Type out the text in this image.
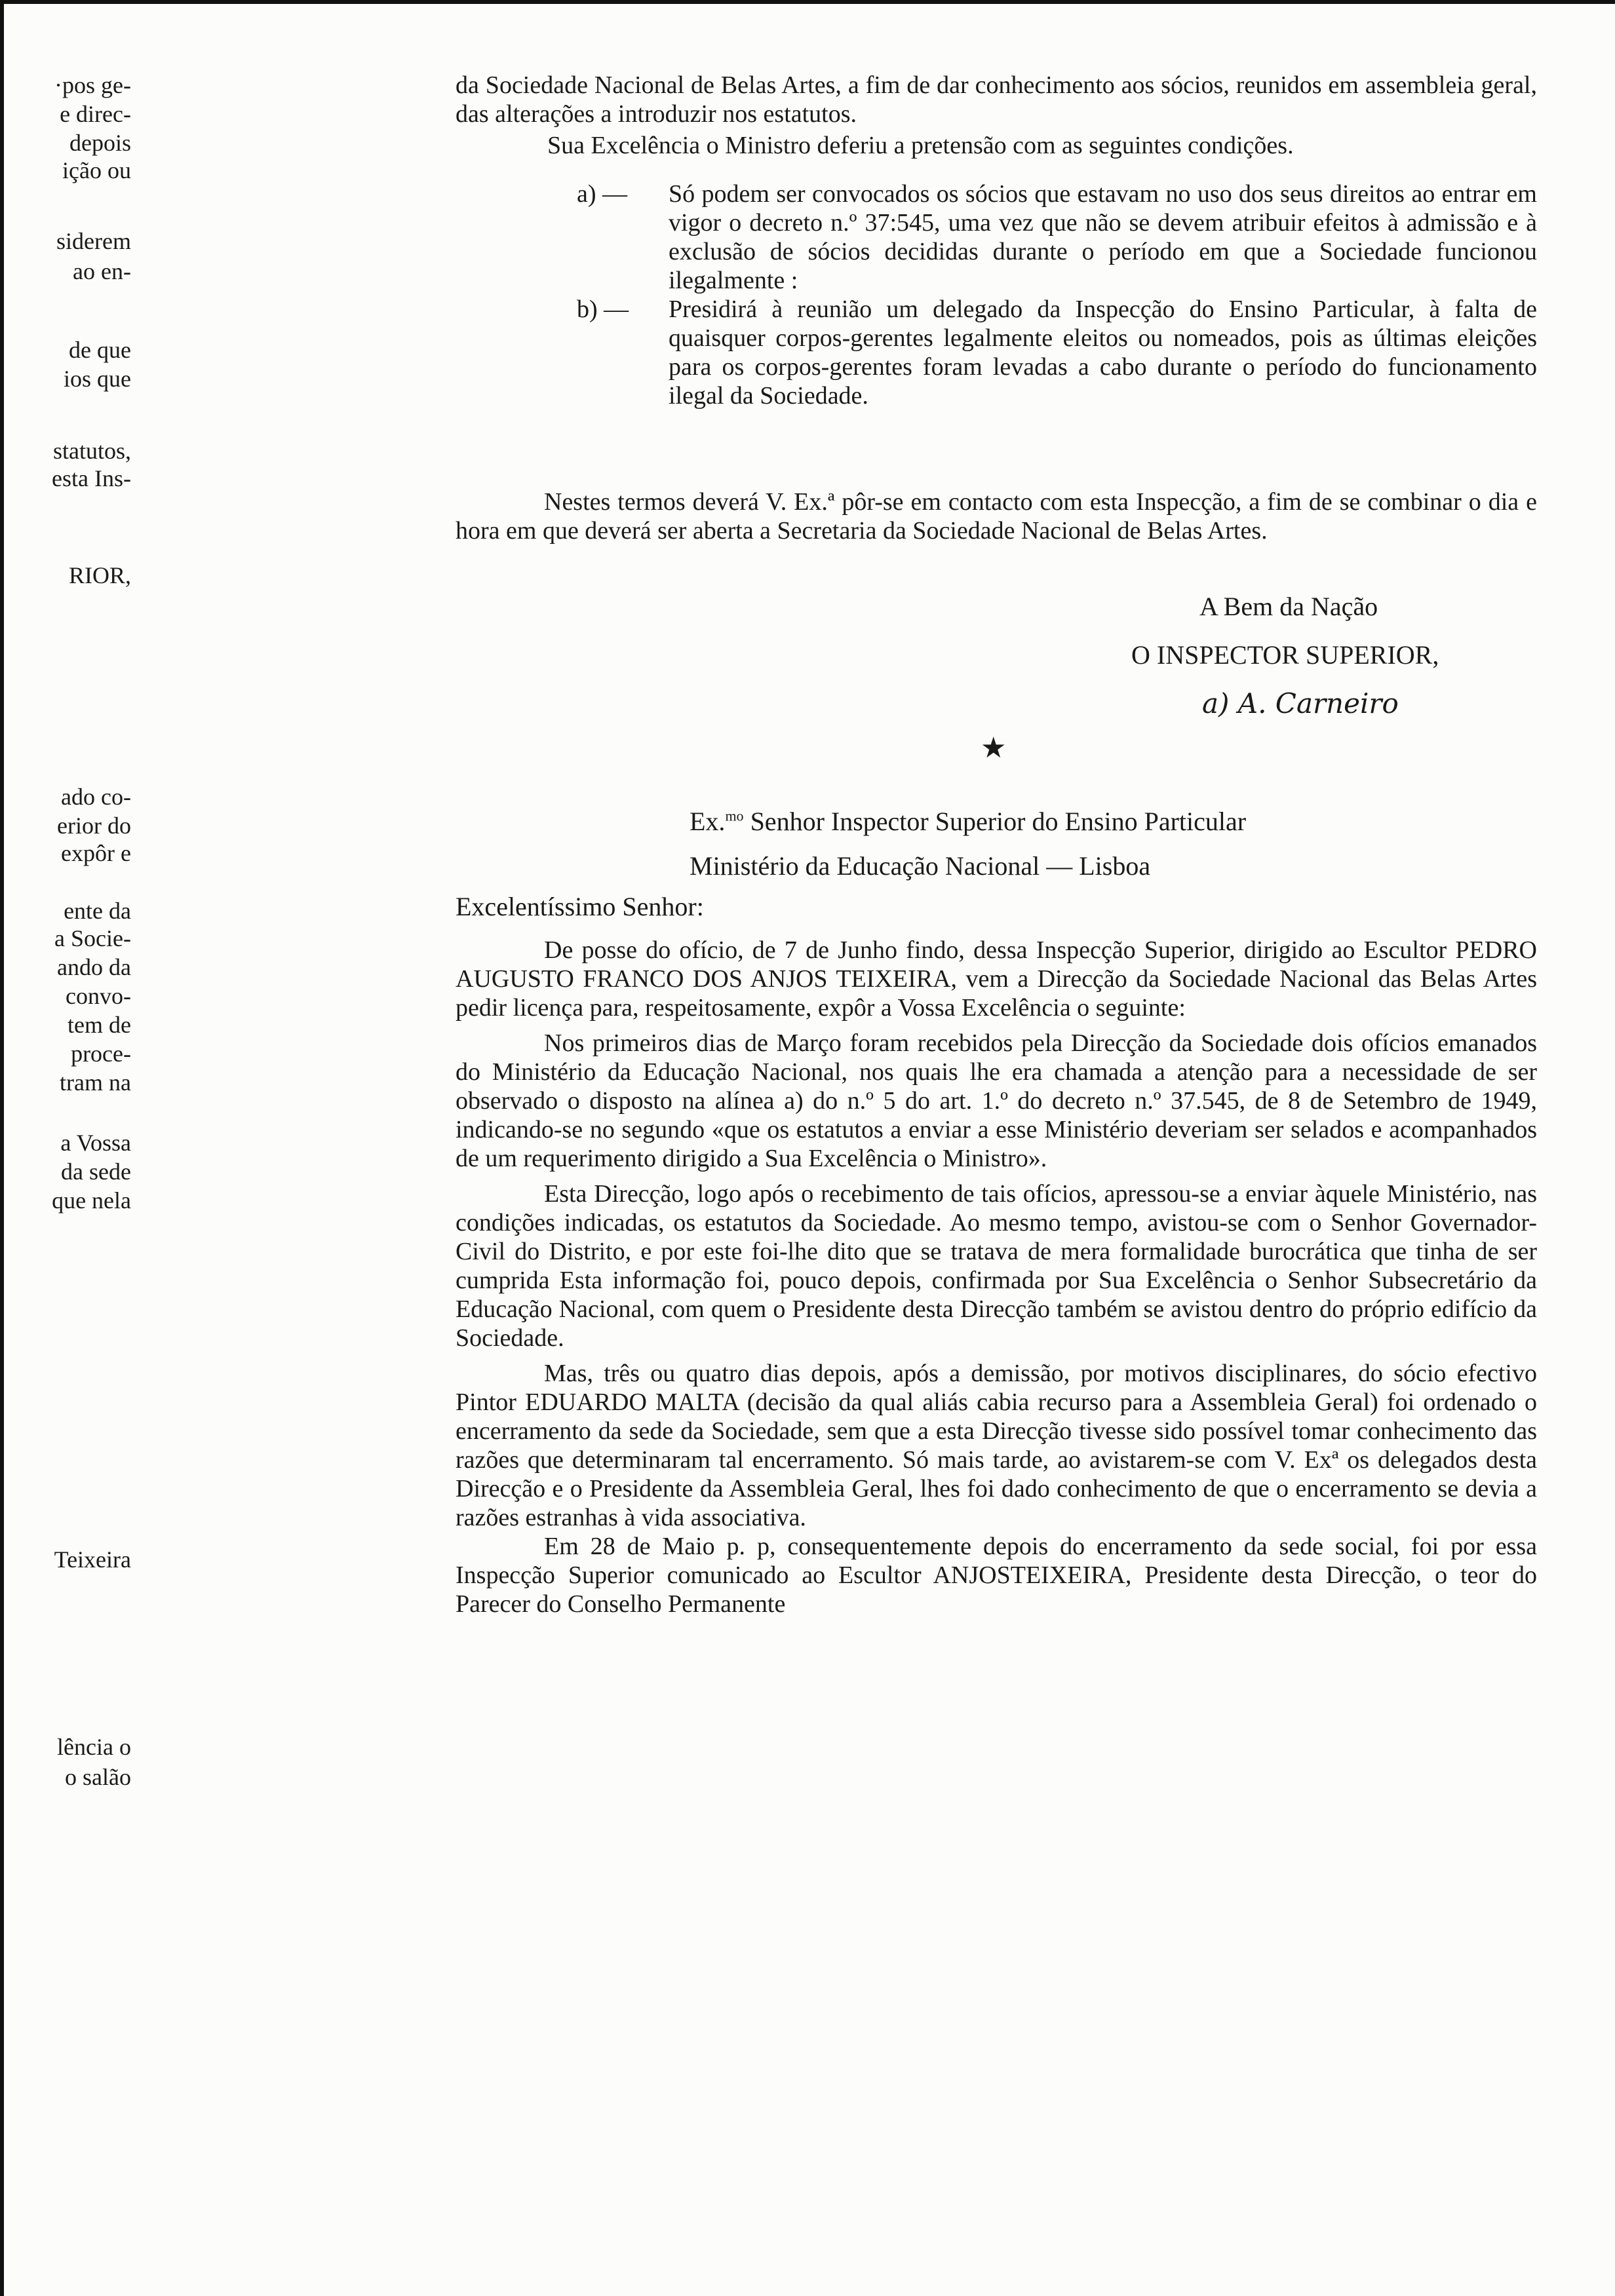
·pos ge-
e direc-
depois
ição ou
siderem
ao en-
de que
ios que
statutos,
esta Ins-
RIOR,
ado co-
erior do
expôr e
ente da
a Socie-
ando da
convo-
tem de
proce-
tram na
a Vossa
da sede
que nela
Teixeira
lência o
o salão

da Sociedade Nacional de Belas Artes, a fim de dar conhecimento aos sócios, reunidos em assembleia geral, das alterações a introduzir nos estatutos.

Sua Excelência o Ministro deferiu a pretensão com as seguintes condições.

a) —	Só podem ser convocados os sócios que estavam no uso dos seus direitos ao entrar em vigor o decreto n.º 37:545, uma vez que não se devem atribuir efeitos à admissão e à exclusão de sócios decididas durante o período em que a Sociedade funcionou ilegalmente :
b) —	Presidirá à reunião um delegado da Inspecção do Ensino Particular, à falta de quaisquer corpos-gerentes legalmente eleitos ou nomeados, pois as últimas eleições para os corpos-gerentes foram levadas a cabo durante o período do funcionamento ilegal da Sociedade.

Nestes termos deverá V. Ex.ª pôr-se em contacto com esta Inspecção, a fim de se combinar o dia e hora em que deverá ser aberta a Secretaria da Sociedade Nacional de Belas Artes.

A Bem da Nação
O INSPECTOR SUPERIOR,
a) A. Carneiro
★
Ex.$^{mo}$ Senhor Inspector Superior do Ensino Particular
Ministério da Educação Nacional — Lisboa
Excelentíssimo Senhor:

De posse do ofício, de 7 de Junho findo, dessa Inspecção Superior, dirigido ao Escultor PEDRO AUGUSTO FRANCO DOS ANJOS TEIXEIRA, vem a Direcção da Sociedade Nacional das Belas Artes pedir licença para, respeitosamente, expôr a Vossa Excelência o seguinte:

Nos primeiros dias de Março foram recebidos pela Direcção da Sociedade dois ofícios emanados do Ministério da Educação Nacional, nos quais lhe era chamada a atenção para a necessidade de ser observado o disposto na alínea a) do n.º 5 do art. 1.º do decreto n.º 37.545, de 8 de Setembro de 1949, indicando-se no segundo «que os estatutos a enviar a esse Ministério deveriam ser selados e acompanhados de um requerimento dirigido a Sua Excelência o Ministro».

Esta Direcção, logo após o recebimento de tais ofícios, apressou-se a enviar àquele Ministério, nas condições indicadas, os estatutos da Sociedade. Ao mesmo tempo, avistou-se com o Senhor Governador-Civil do Distrito, e por este foi-lhe dito que se tratava de mera formalidade burocrática que tinha de ser cumprida Esta informação foi, pouco depois, confirmada por Sua Excelência o Senhor Subsecretário da Educação Nacional, com quem o Presidente desta Direcção também se avistou dentro do próprio edifício da Sociedade.

Mas, três ou quatro dias depois, após a demissão, por motivos disciplinares, do sócio efectivo Pintor EDUARDO MALTA (decisão da qual aliás cabia recurso para a Assembleia Geral) foi ordenado o encerramento da sede da Sociedade, sem que a esta Direcção tivesse sido possível tomar conhecimento das razões que determinaram tal encerramento. Só mais tarde, ao avistarem-se com V. Exª os delegados desta Direcção e o Presidente da Assembleia Geral, lhes foi dado conhecimento de que o encerramento se devia a razões estranhas à vida associativa.

Em 28 de Maio p. p, consequentemente depois do encerramento da sede social, foi por essa Inspecção Superior comunicado ao Escultor ANJOSTEIXEIRA, Presidente desta Direcção, o teor do Parecer do Conselho Permanente
